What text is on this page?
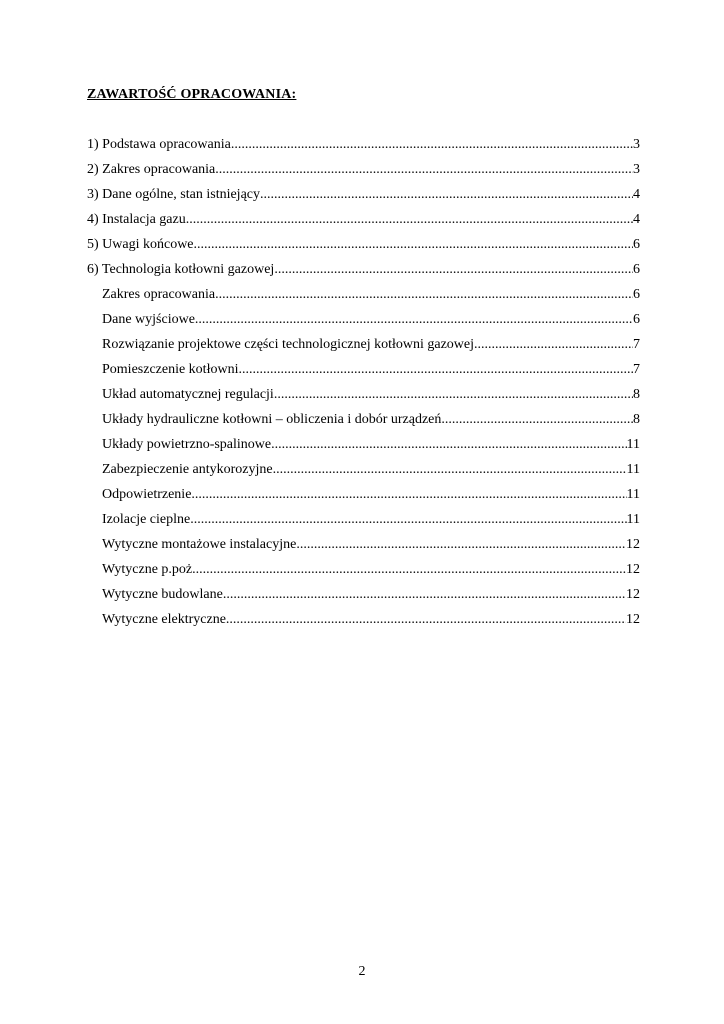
ZAWARTOŚĆ OPRACOWANIA:
1) Podstawa opracowania .....	3
2) Zakres opracowania .....	3
3) Dane ogólne, stan istniejący .....	4
4) Instalacja gazu .....	4
5) Uwagi końcowe .....	6
6) Technologia kotłowni gazowej .....	6
Zakres opracowania .....	6
Dane wyjściowe .....	6
Rozwiązanie projektowe części technologicznej kotłowni gazowej .....	7
Pomieszczenie kotłowni .....	7
Układ automatycznej regulacji .....	8
Układy hydrauliczne kotłowni – obliczenia i dobór urządzeń .....	8
Układy powietrzno-spalinowe .....	11
Zabezpieczenie antykorozyjne .....	11
Odpowietrzenie .....	11
Izolacje cieplne .....	11
Wytyczne montażowe instalacyjne .....	12
Wytyczne p.poż .....	12
Wytyczne budowlane .....	12
Wytyczne elektryczne .....	12
2
